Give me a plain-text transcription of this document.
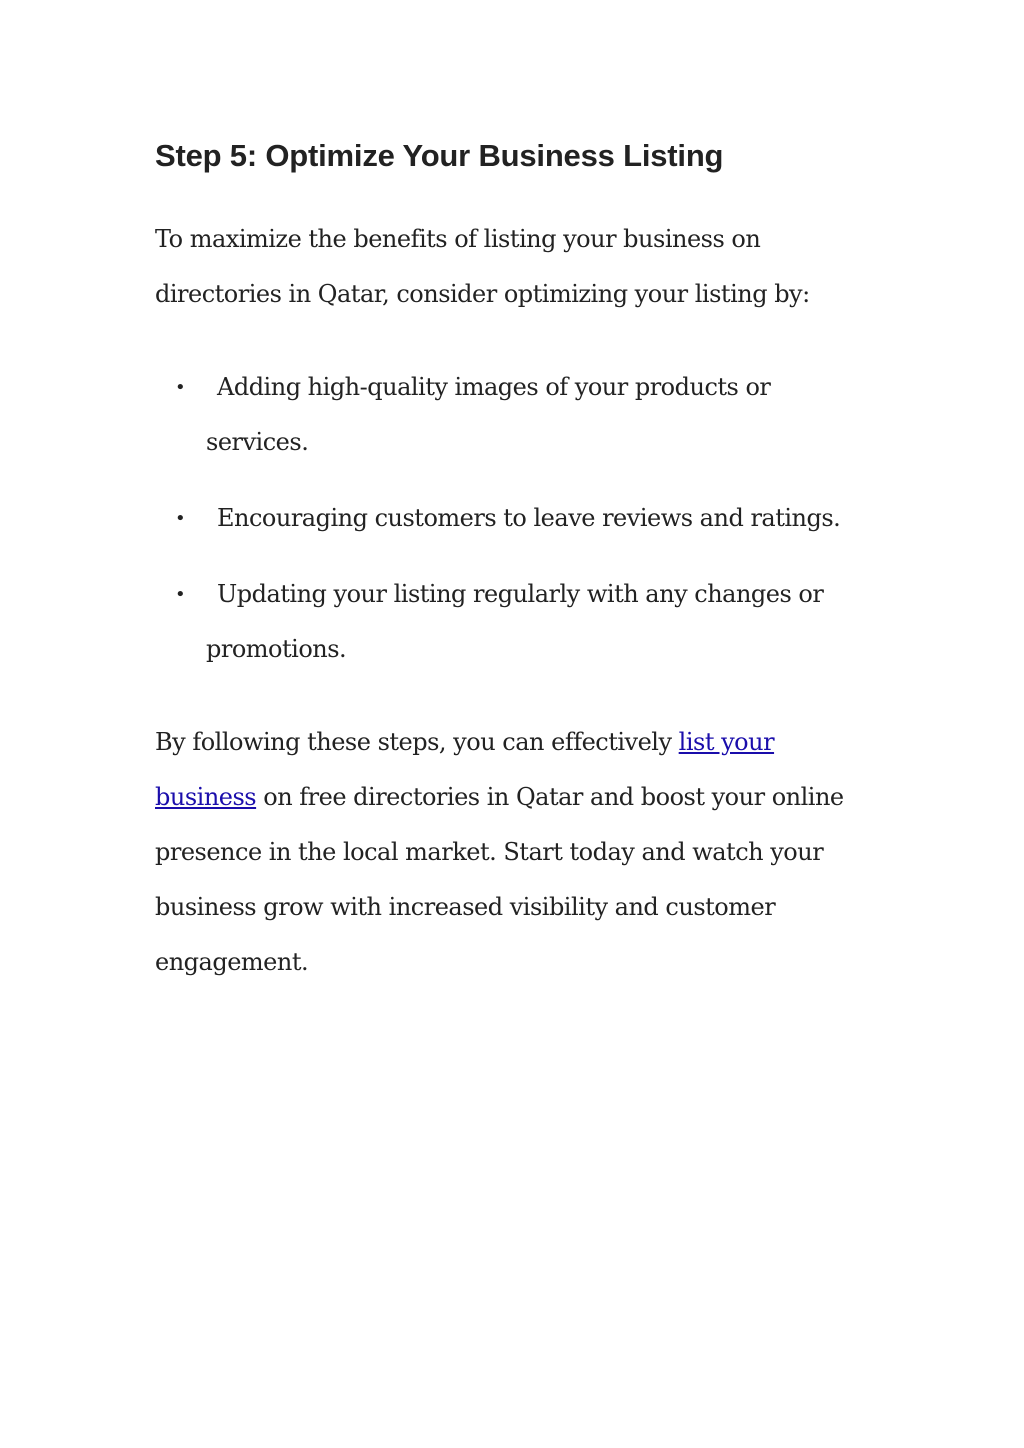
Step 5: Optimize Your Business Listing

To maximize the benefits of listing your business on

directories in Qatar, consider optimizing your listing by:

•	Adding high-quality images of your products or services.
•	Encouraging customers to leave reviews and ratings.
•	Updating your listing regularly with any changes or promotions.

By following these steps, you can effectively list your business on free directories in Qatar and boost your online presence in the local market. Start today and watch your business grow with increased visibility and customer engagement.
